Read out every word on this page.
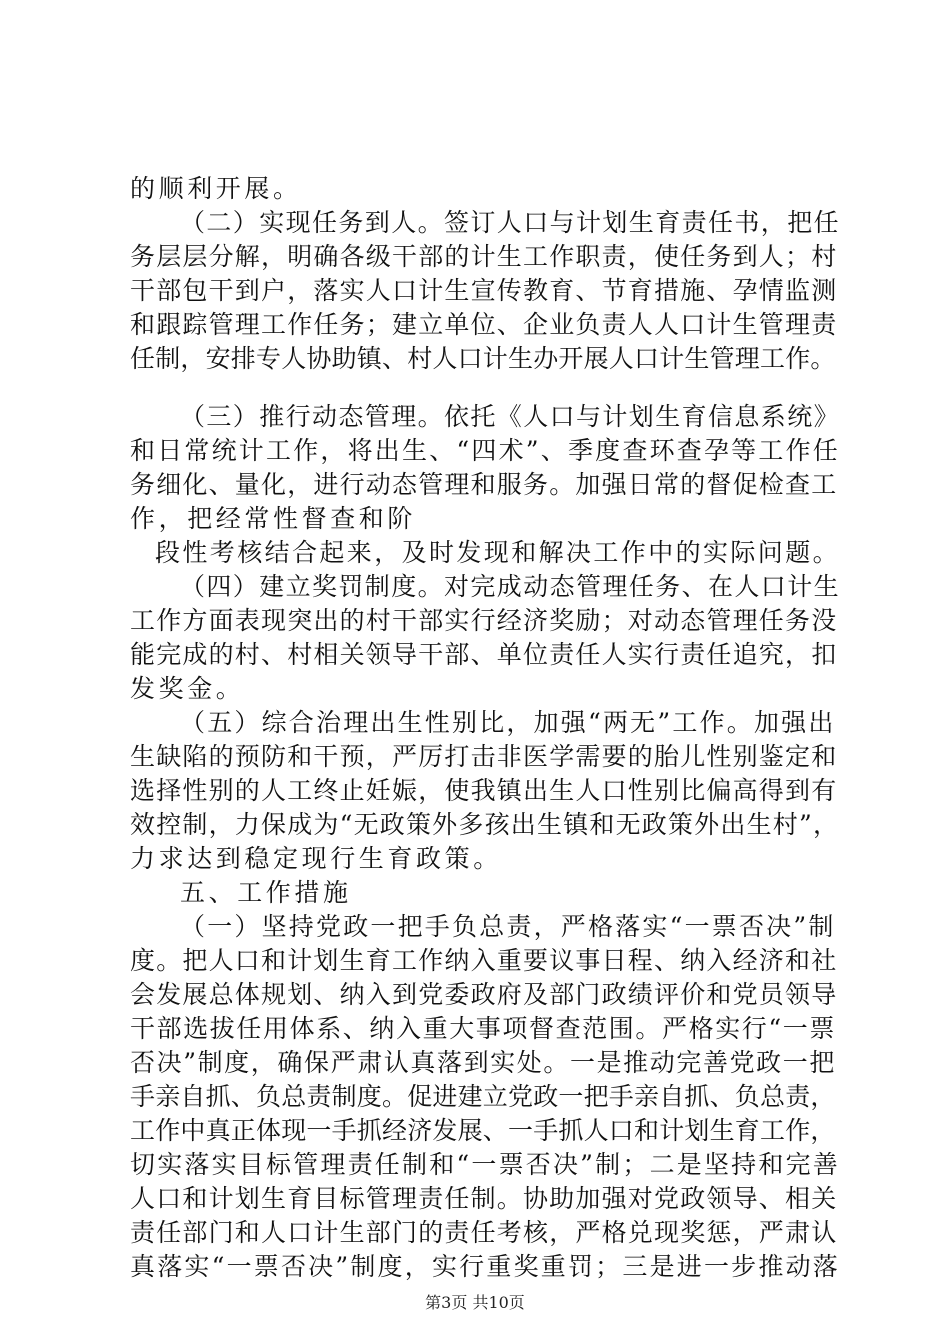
的顺利开展。
（二）实现任务到人。签订人口与计划生育责任书，把任
务层层分解，明确各级干部的计生工作职责，使任务到人；村
干部包干到户，落实人口计生宣传教育、节育措施、孕情监测
和跟踪管理工作任务；建立单位、企业负责人人口计生管理责
任制，安排专人协助镇、村人口计生办开展人口计生管理工作。
（三）推行动态管理。依托《人口与计划生育信息系统》
和日常统计工作，将出生、“四术”、季度查环查孕等工作任
务细化、量化，进行动态管理和服务。加强日常的督促检查工
作，把经常性督查和阶
段性考核结合起来，及时发现和解决工作中的实际问题。
（四）建立奖罚制度。对完成动态管理任务、在人口计生
工作方面表现突出的村干部实行经济奖励；对动态管理任务没
能完成的村、村相关领导干部、单位责任人实行责任追究，扣
发奖金。
（五）综合治理出生性别比，加强“两无”工作。加强出
生缺陷的预防和干预，严厉打击非医学需要的胎儿性别鉴定和
选择性别的人工终止妊娠，使我镇出生人口性别比偏高得到有
效控制，力保成为“无政策外多孩出生镇和无政策外出生村”，
力求达到稳定现行生育政策。
五、工作措施
（一）坚持党政一把手负总责，严格落实“一票否决”制
度。把人口和计划生育工作纳入重要议事日程、纳入经济和社
会发展总体规划、纳入到党委政府及部门政绩评价和党员领导
干部选拔任用体系、纳入重大事项督查范围。严格实行“一票
否决”制度，确保严肃认真落到实处。一是推动完善党政一把
手亲自抓、负总责制度。促进建立党政一把手亲自抓、负总责，
工作中真正体现一手抓经济发展、一手抓人口和计划生育工作，
切实落实目标管理责任制和“一票否决”制；二是坚持和完善
人口和计划生育目标管理责任制。协助加强对党政领导、相关
责任部门和人口计生部门的责任考核，严格兑现奖惩，严肃认
真落实“一票否决”制度，实行重奖重罚；三是进一步推动落
第3页 共10页
